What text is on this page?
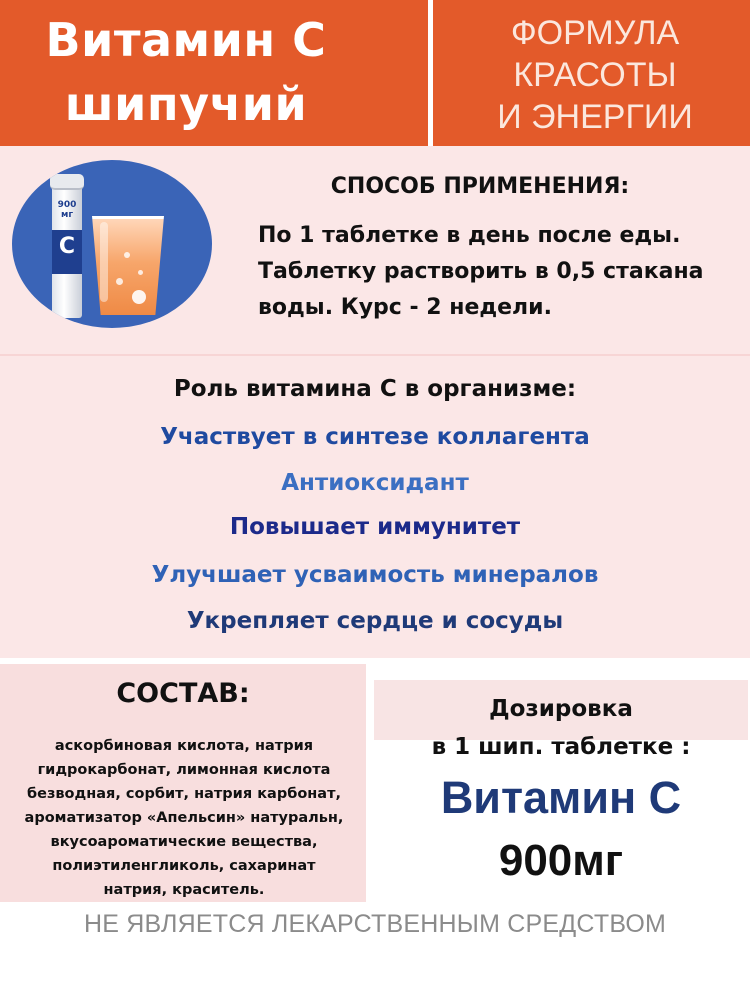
Витамин С
шипучий
ФОРМУЛА
КРАСОТЫ
И ЭНЕРГИИ
900
мг
C
СПОСОБ ПРИМЕНЕНИЯ:
По 1 таблетке в день после еды.
Таблетку растворить в 0,5 стакана
воды. Курс - 2 недели.
Роль витамина С в организме:
Участвует в синтезе коллагента
Антиоксидант
Повышает иммунитет
Улучшает усваимость минералов
Укрепляет сердце и сосуды
СОСТАВ:
аскорбиновая кислота, натрия
гидрокарбонат, лимонная кислота
безводная, сорбит, натрия карбонат,
ароматизатор «Апельсин» натуральн,
вкусоароматические вещества,
полиэтиленгликоль, сахаринат
натрия, краситель.
Дозировка
в 1 шип. таблетке :
Витамин С
900мг
НЕ ЯВЛЯЕТСЯ ЛЕКАРСТВЕННЫМ СРЕДСТВОМ
